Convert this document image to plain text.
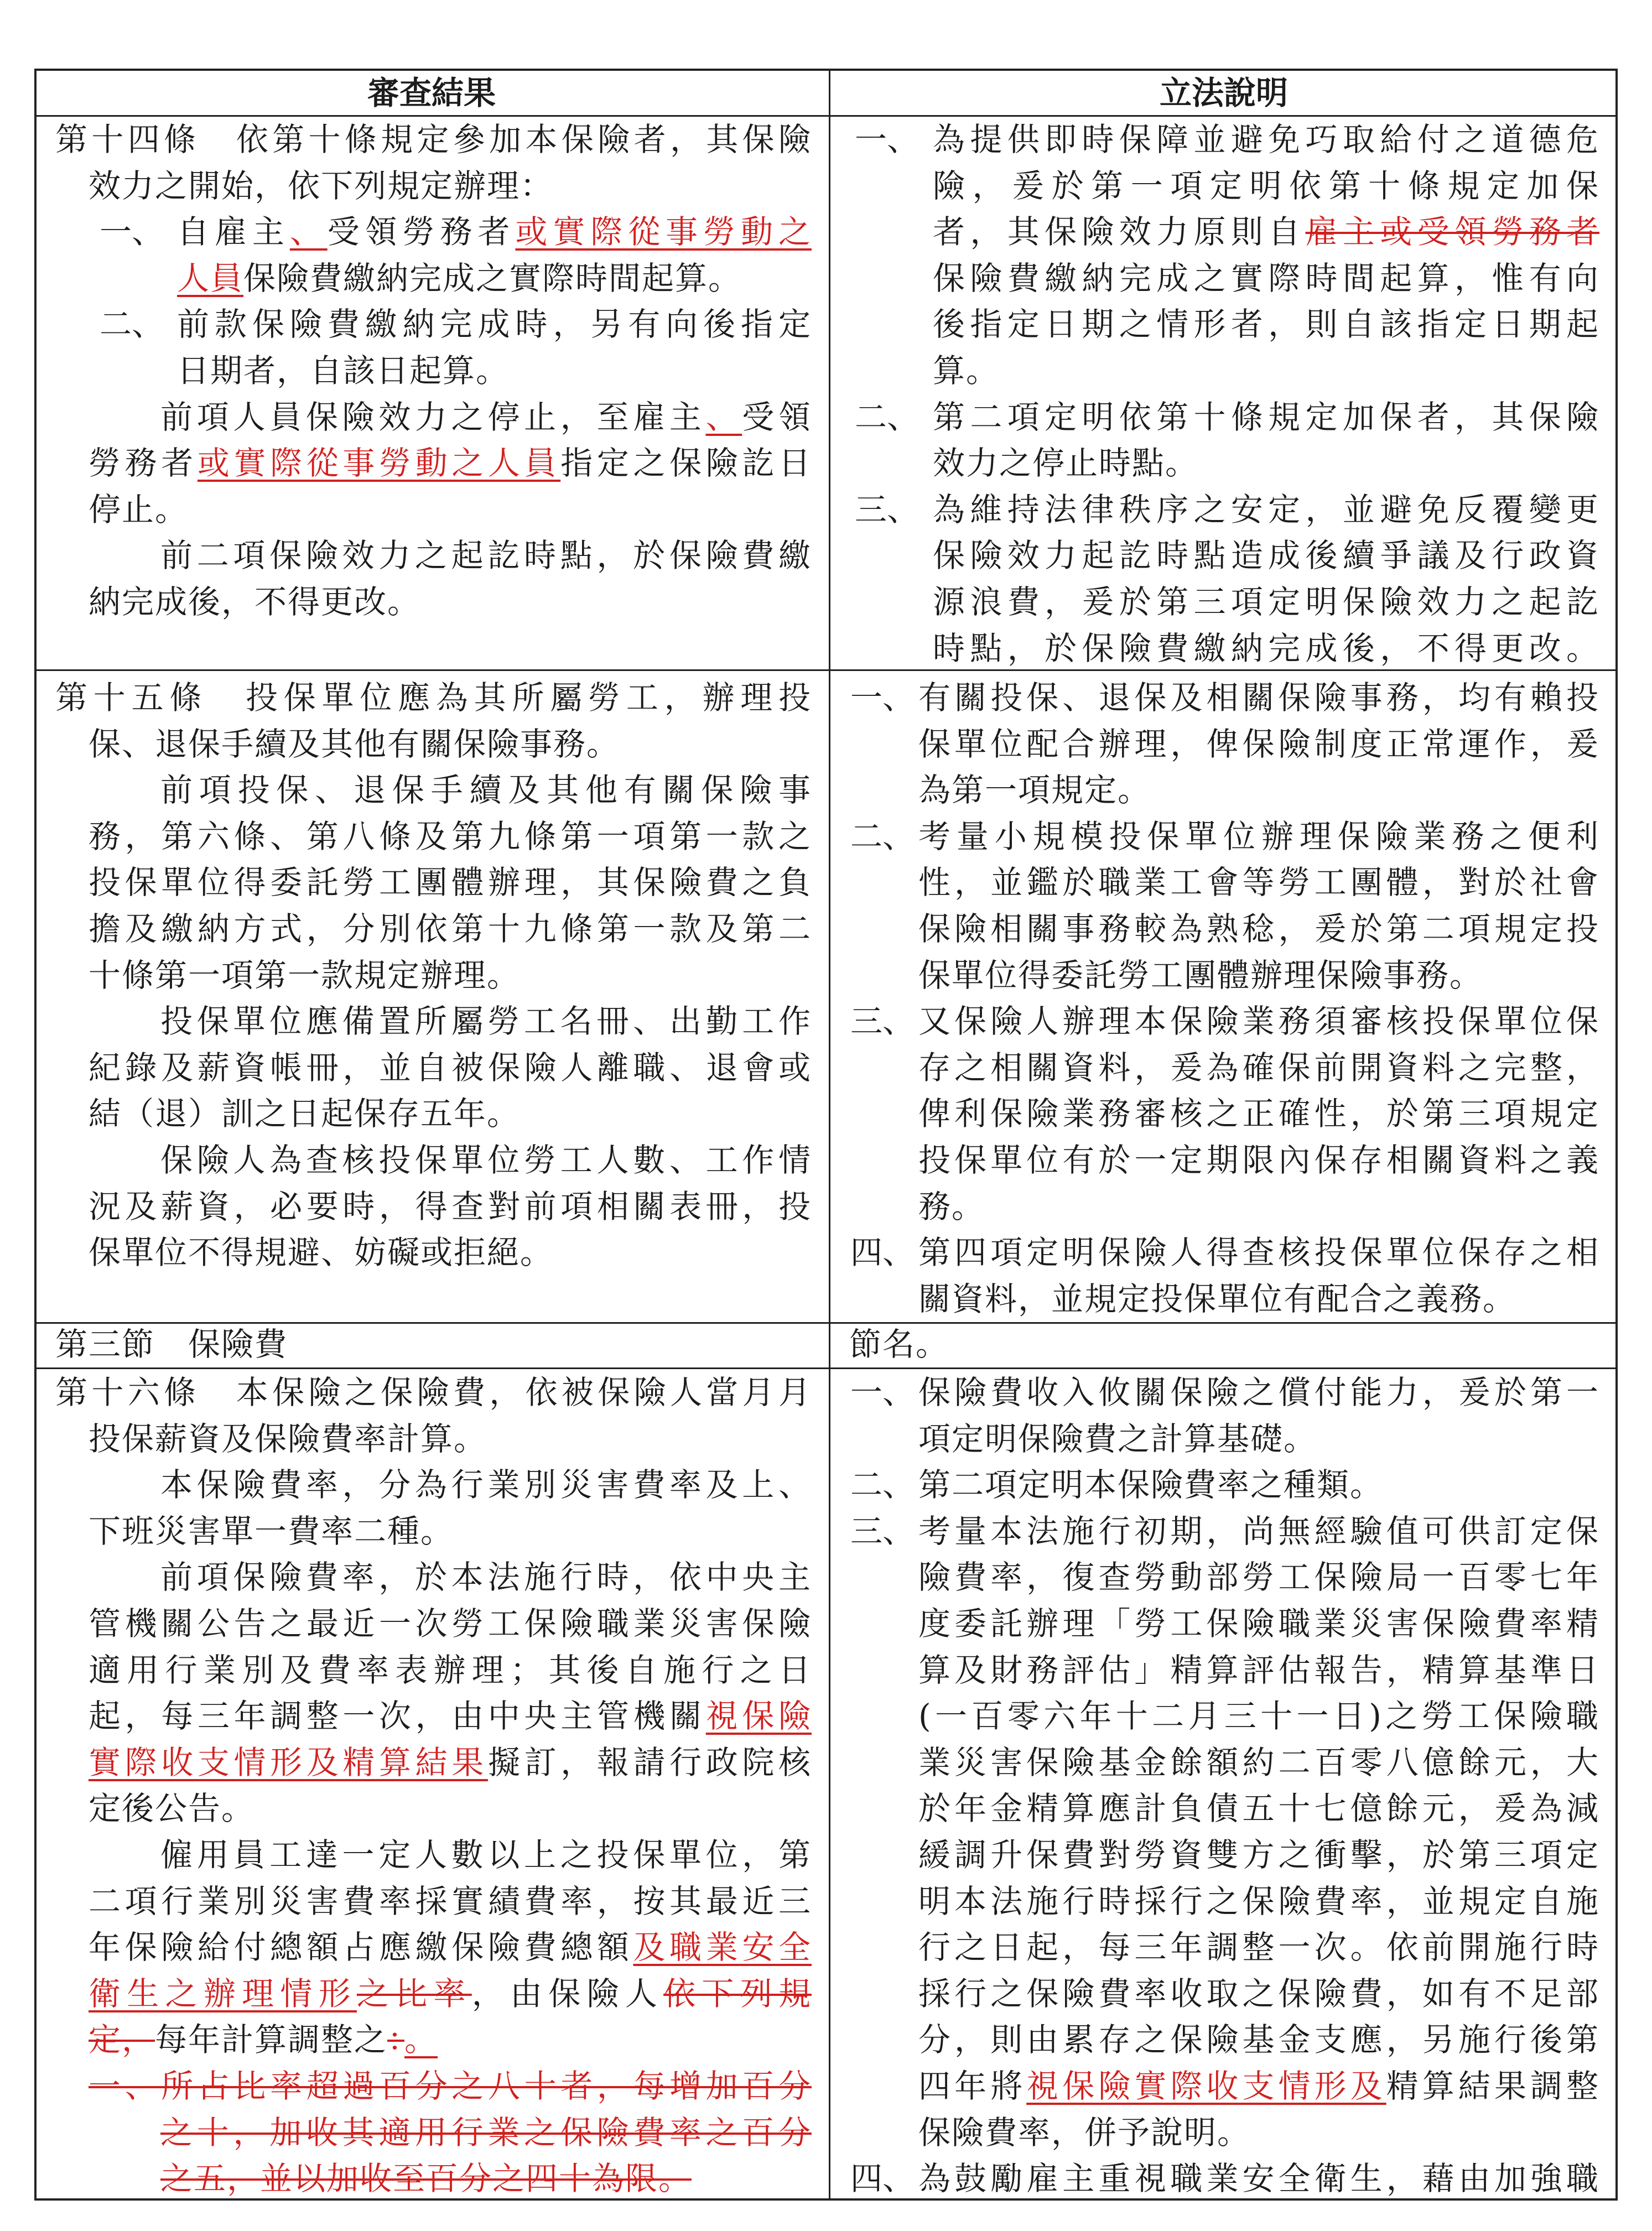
審查結果	立法說明
第十四條　依第十條規定參加本保險者，其保險
效力之開始，依下列規定辦理：
一、 自雇主、受領勞務者或實際從事勞動之
人員保險費繳納完成之實際時間起算。
二、 前款保險費繳納完成時，另有向後指定
日期者，自該日起算。
前項人員保險效力之停止，至雇主、受領
勞務者或實際從事勞動之人員指定之保險訖日
停止。
前二項保險效力之起訖時點，於保險費繳
納完成後，不得更改。
一、 為提供即時保障並避免巧取給付之道德危
險，爰於第一項定明依第十條規定加保
者，其保險效力原則自雇主或受領勞務者
保險費繳納完成之實際時間起算，惟有向
後指定日期之情形者，則自該指定日期起
算。
二、 第二項定明依第十條規定加保者，其保險
效力之停止時點。
三、 為維持法律秩序之安定，並避免反覆變更
保險效力起訖時點造成後續爭議及行政資
源浪費，爰於第三項定明保險效力之起訖
時點，於保險費繳納完成後，不得更改。
第十五條　投保單位應為其所屬勞工，辦理投
保、退保手續及其他有關保險事務。
前項投保、退保手續及其他有關保險事
務，第六條、第八條及第九條第一項第一款之
投保單位得委託勞工團體辦理，其保險費之負
擔及繳納方式，分別依第十九條第一款及第二
十條第一項第一款規定辦理。
投保單位應備置所屬勞工名冊、出勤工作
紀錄及薪資帳冊，並自被保險人離職、退會或
結（退）訓之日起保存五年。
保險人為查核投保單位勞工人數、工作情
況及薪資，必要時，得查對前項相關表冊，投
保單位不得規避、妨礙或拒絕。
一、 有關投保、退保及相關保險事務，均有賴投
保單位配合辦理，俾保險制度正常運作，爰
為第一項規定。
二、 考量小規模投保單位辦理保險業務之便利
性，並鑑於職業工會等勞工團體，對於社會
保險相關事務較為熟稔，爰於第二項規定投
保單位得委託勞工團體辦理保險事務。
三、 又保險人辦理本保險業務須審核投保單位保
存之相關資料，爰為確保前開資料之完整，
俾利保險業務審核之正確性，於第三項規定
投保單位有於一定期限內保存相關資料之義
務。
四、 第四項定明保險人得查核投保單位保存之相
關資料，並規定投保單位有配合之義務。
第三節　保險費	節名。
第十六條　本保險之保險費，依被保險人當月月
投保薪資及保險費率計算。
本保險費率，分為行業別災害費率及上、
下班災害單一費率二種。
前項保險費率，於本法施行時，依中央主
管機關公告之最近一次勞工保險職業災害保險
適用行業別及費率表辦理；其後自施行之日
起，每三年調整一次，由中央主管機關視保險
實際收支情形及精算結果擬訂，報請行政院核
定後公告。
僱用員工達一定人數以上之投保單位，第
二項行業別災害費率採實績費率，按其最近三
年保險給付總額占應繳保險費總額及職業安全
衛生之辦理情形之比率，由保險人依下列規
定，每年計算調整之：。
一、所占比率超過百分之八十者，每增加百分
之十，加收其適用行業之保險費率之百分
之五，並以加收至百分之四十為限。
一、 保險費收入攸關保險之償付能力，爰於第一
項定明保險費之計算基礎。
二、 第二項定明本保險費率之種類。
三、 考量本法施行初期，尚無經驗值可供訂定保
險費率，復查勞動部勞工保險局一百零七年
度委託辦理「勞工保險職業災害保險費率精
算及財務評估」精算評估報告，精算基準日
(一百零六年十二月三十一日)之勞工保險職
業災害保險基金餘額約二百零八億餘元，大
於年金精算應計負債五十七億餘元，爰為減
緩調升保費對勞資雙方之衝擊，於第三項定
明本法施行時採行之保險費率，並規定自施
行之日起，每三年調整一次。依前開施行時
採行之保險費率收取之保險費，如有不足部
分，則由累存之保險基金支應，另施行後第
四年將視保險實際收支情形及精算結果調整
保險費率，併予說明。
四、 為鼓勵雇主重視職業安全衛生，藉由加強職
